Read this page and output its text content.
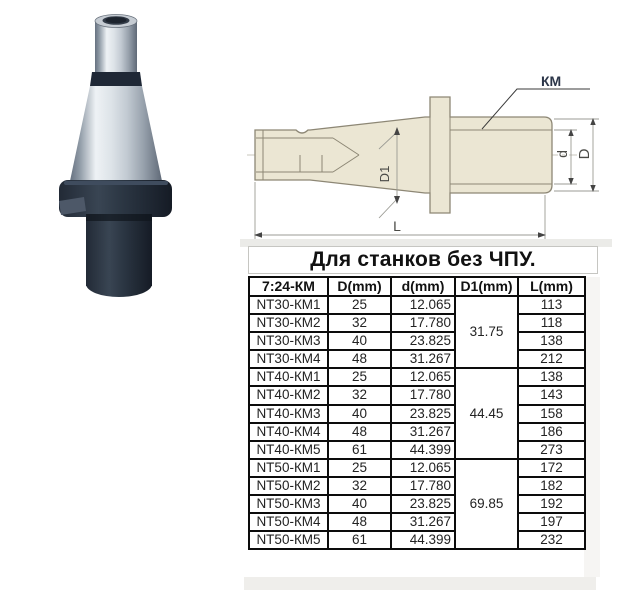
КМ
D1
d D
L
Для станков без ЧПУ.
7:24-КМ	D(mm)	d(mm)	D1(mm)	L(mm)
NT30-КМ1	25	12.065	31.75	113
NT30-КМ2	32	17.780		118
NT30-КМ3	40	23.825		138
NT30-КМ4	48	31.267		212
NT40-КМ1	25	12.065	44.45	138
NT40-КМ2	32	17.780		143
NT40-КМ3	40	23.825		158
NT40-КМ4	48	31.267		186
NT40-КМ5	61	44.399		273
NT50-КМ1	25	12.065	69.85	172
NT50-КМ2	32	17.780		182
NT50-КМ3	40	23.825		192
NT50-КМ4	48	31.267		197
NT50-КМ5	61	44.399		232
